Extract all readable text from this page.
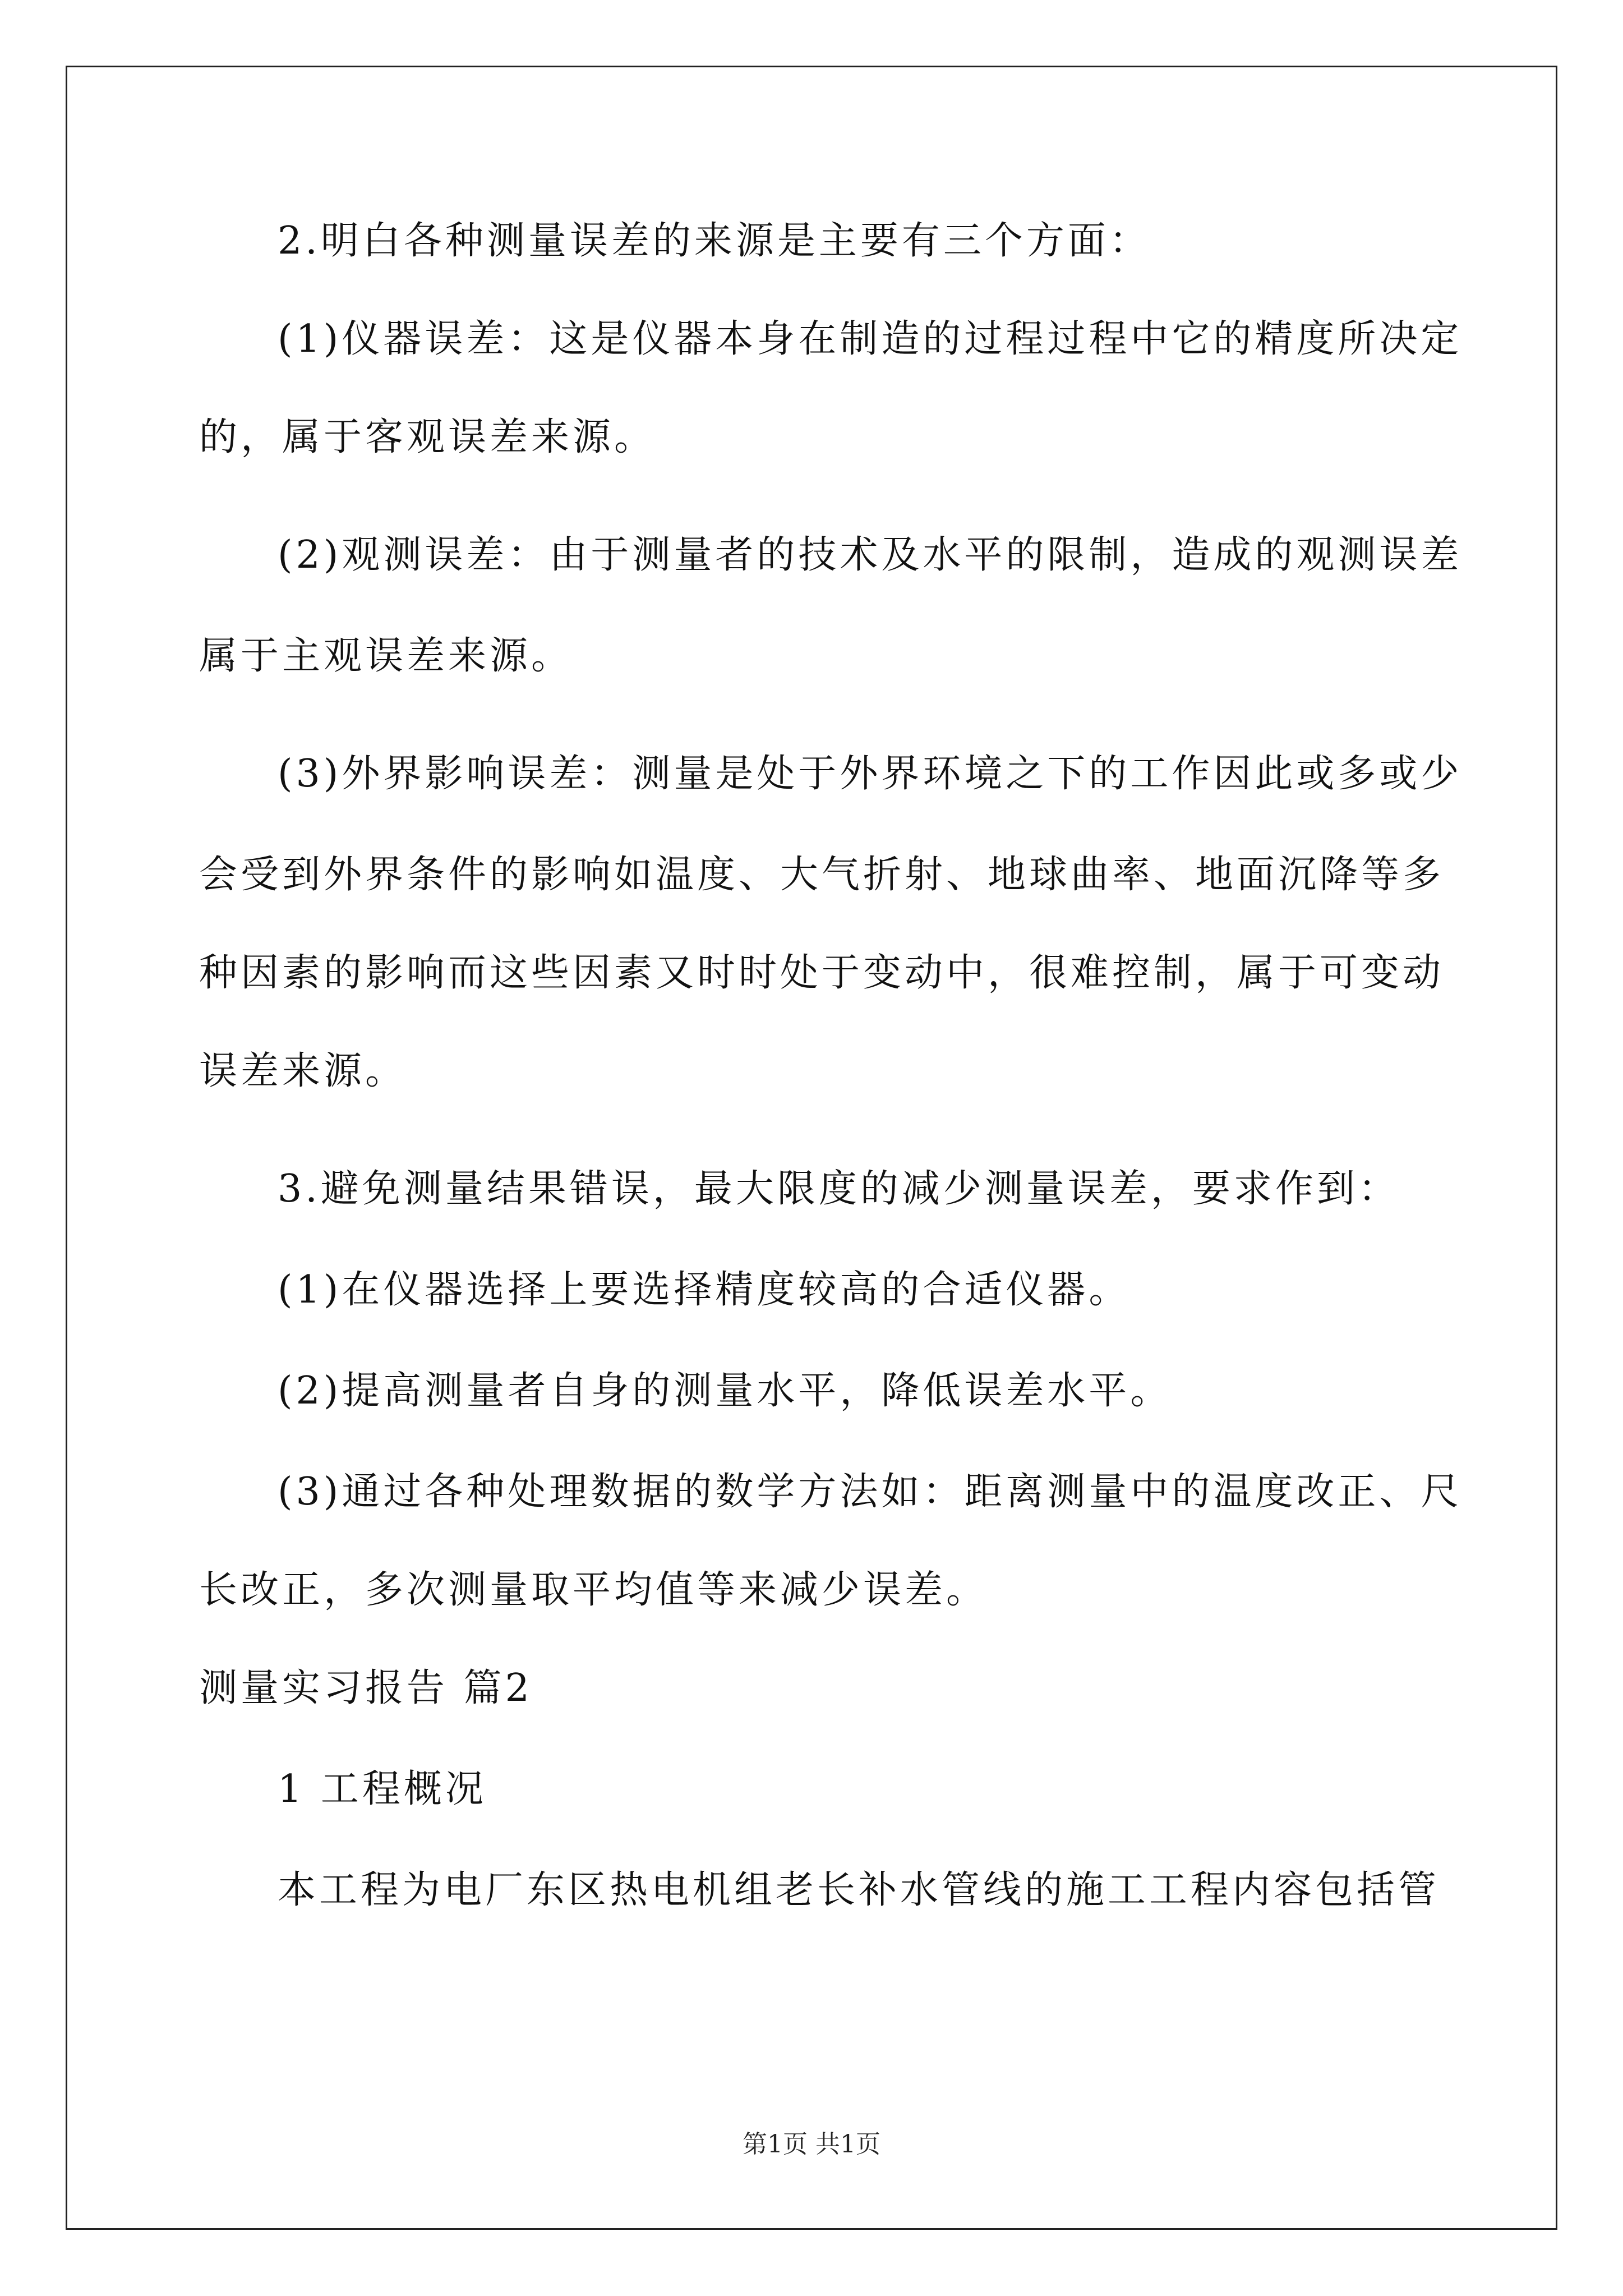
2.明白各种测量误差的来源是主要有三个方面：
(1)仪器误差：这是仪器本身在制造的过程过程中它的精度所决定
的，属于客观误差来源。
(2)观测误差：由于测量者的技术及水平的限制，造成的观测误差
属于主观误差来源。
(3)外界影响误差：测量是处于外界环境之下的工作因此或多或少
会受到外界条件的影响如温度、大气折射、地球曲率、地面沉降等多
种因素的影响而这些因素又时时处于变动中，很难控制，属于可变动
误差来源。
3.避免测量结果错误，最大限度的减少测量误差，要求作到：
(1)在仪器选择上要选择精度较高的合适仪器。
(2)提高测量者自身的测量水平，降低误差水平。
(3)通过各种处理数据的数学方法如：距离测量中的温度改正、尺
长改正，多次测量取平均值等来减少误差。
测量实习报告 篇2
1 工程概况
本工程为电厂东区热电机组老长补水管线的施工工程内容包括管
第1页 共1页
